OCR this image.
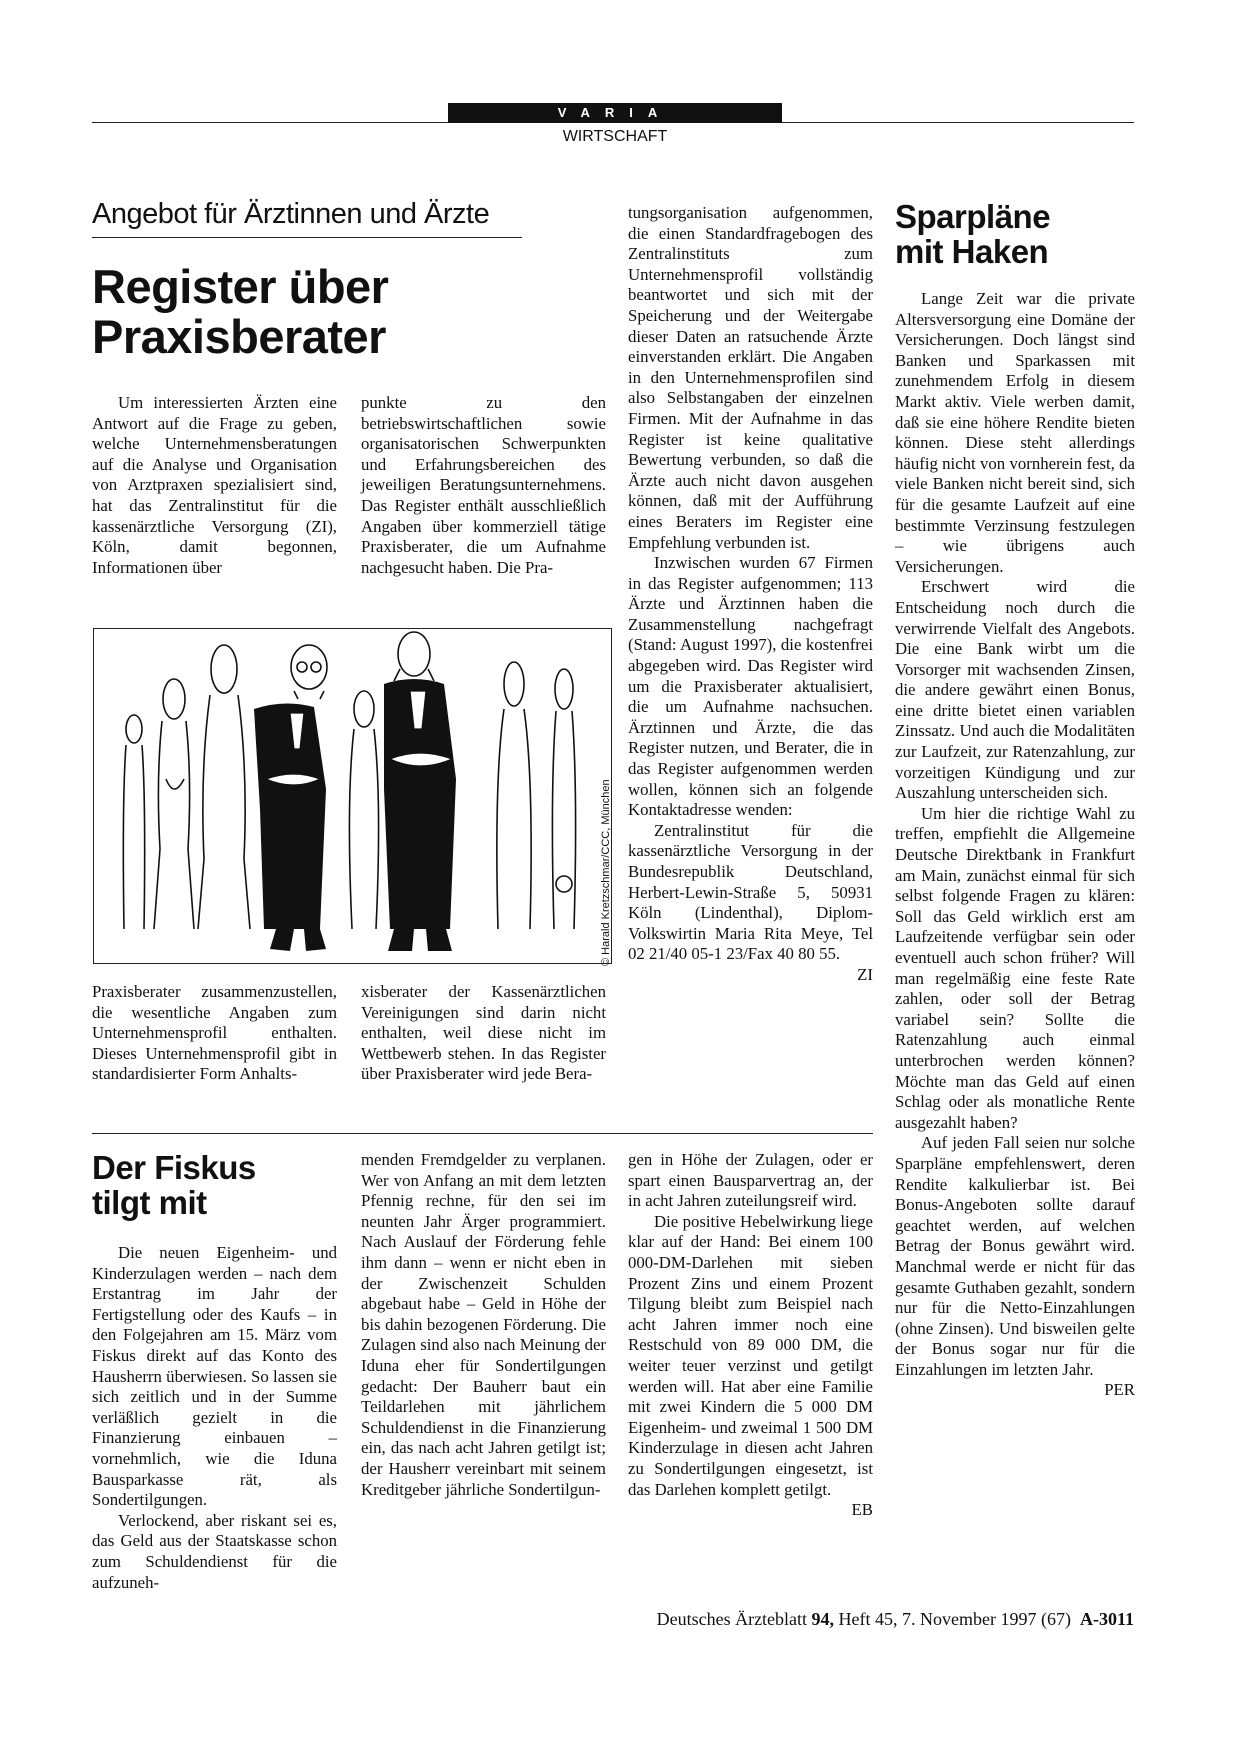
VARIA
WIRTSCHAFT
Angebot für Ärztinnen und Ärzte
Register über
Praxisberater

Um interessierten Ärzten eine Antwort auf die Frage zu geben, welche Unternehmensberatungen auf die Analyse und Organisation von Arztpraxen spezialisiert sind, hat das Zentralinstitut für die kassenärztliche Versorgung (ZI), Köln, damit begonnen, Informationen über

punkte zu den betriebswirtschaftlichen sowie organisatorischen Schwerpunkten und Erfahrungsbereichen des jeweiligen Beratungsunternehmens. Das Register enthält ausschließlich Angaben über kommerziell tätige Praxisberater, die um Aufnahme nachgesucht haben. Die Pra-

© Harald Kretzschmar/CCC, München

Praxisberater zusammenzustellen, die wesentliche Angaben zum Unternehmensprofil enthalten. Dieses Unternehmensprofil gibt in standardisierter Form Anhalts-

xisberater der Kassenärztlichen Vereinigungen sind darin nicht enthalten, weil diese nicht im Wettbewerb stehen. In das Register über Praxisberater wird jede Bera-

tungsorganisation aufgenommen, die einen Standardfragebogen des Zentralinstituts zum Unternehmensprofil vollständig beantwortet und sich mit der Speicherung und der Weitergabe dieser Daten an ratsuchende Ärzte einverstanden erklärt. Die Angaben in den Unternehmensprofilen sind also Selbstangaben der einzelnen Firmen. Mit der Aufnahme in das Register ist keine qualitative Bewertung verbunden, so daß die Ärzte auch nicht davon ausgehen können, daß mit der Aufführung eines Beraters im Register eine Empfehlung verbunden ist.

Inzwischen wurden 67 Firmen in das Register aufgenommen; 113 Ärzte und Ärztinnen haben die Zusammenstellung nachgefragt (Stand: August 1997), die kostenfrei abgegeben wird. Das Register wird um die Praxisberater aktualisiert, die um Aufnahme nachsuchen. Ärztinnen und Ärzte, die das Register nutzen, und Berater, die in das Register aufgenommen werden wollen, können sich an folgende Kontaktadresse wenden:

Zentralinstitut für die kassenärztliche Versorgung in der Bundesrepublik Deutschland, Herbert-Lewin-Straße 5, 50931 Köln (Lindenthal), Diplom-Volkswirtin Maria Rita Meye, Tel 02 21/40 05-1 23/Fax 40 80 55.

ZI
Der Fiskus
tilgt mit

Die neuen Eigenheim- und Kinderzulagen werden – nach dem Erstantrag im Jahr der Fertigstellung oder des Kaufs – in den Folgejahren am 15. März vom Fiskus direkt auf das Konto des Hausherrn überwiesen. So lassen sie sich zeitlich und in der Summe verläßlich gezielt in die Finanzierung einbauen – vornehmlich, wie die Iduna Bausparkasse rät, als Sondertilgungen.

Verlockend, aber riskant sei es, das Geld aus der Staatskasse schon zum Schuldendienst für die aufzuneh-

menden Fremdgelder zu verplanen. Wer von Anfang an mit dem letzten Pfennig rechne, für den sei im neunten Jahr Ärger programmiert. Nach Auslauf der Förderung fehle ihm dann – wenn er nicht eben in der Zwischenzeit Schulden abgebaut habe – Geld in Höhe der bis dahin bezogenen Förderung. Die Zulagen sind also nach Meinung der Iduna eher für Sondertilgungen gedacht: Der Bauherr baut ein Teildarlehen mit jährlichem Schuldendienst in die Finanzierung ein, das nach acht Jahren getilgt ist; der Hausherr vereinbart mit seinem Kreditgeber jährliche Sondertilgun-

gen in Höhe der Zulagen, oder er spart einen Bausparvertrag an, der in acht Jahren zuteilungsreif wird.

Die positive Hebelwirkung liege klar auf der Hand: Bei einem 100 000-DM-Darlehen mit sieben Prozent Zins und einem Prozent Tilgung bleibt zum Beispiel nach acht Jahren immer noch eine Restschuld von 89 000 DM, die weiter teuer verzinst und getilgt werden will. Hat aber eine Familie mit zwei Kindern die 5 000 DM Eigenheim- und zweimal 1 500 DM Kinderzulage in diesen acht Jahren zu Sondertilgungen eingesetzt, ist das Darlehen komplett getilgt.

EB
Sparpläne
mit Haken

Lange Zeit war die private Altersversorgung eine Domäne der Versicherungen. Doch längst sind Banken und Sparkassen mit zunehmendem Erfolg in diesem Markt aktiv. Viele werben damit, daß sie eine höhere Rendite bieten können. Diese steht allerdings häufig nicht von vornherein fest, da viele Banken nicht bereit sind, sich für die gesamte Laufzeit auf eine bestimmte Verzinsung festzulegen – wie übrigens auch Versicherungen.

Erschwert wird die Entscheidung noch durch die verwirrende Vielfalt des Angebots. Die eine Bank wirbt um die Vorsorger mit wachsenden Zinsen, die andere gewährt einen Bonus, eine dritte bietet einen variablen Zinssatz. Und auch die Modalitäten zur Laufzeit, zur Ratenzahlung, zur vorzeitigen Kündigung und zur Auszahlung unterscheiden sich.

Um hier die richtige Wahl zu treffen, empfiehlt die Allgemeine Deutsche Direktbank in Frankfurt am Main, zunächst einmal für sich selbst folgende Fragen zu klären: Soll das Geld wirklich erst am Laufzeitende verfügbar sein oder eventuell auch schon früher? Will man regelmäßig eine feste Rate zahlen, oder soll der Betrag variabel sein? Sollte die Ratenzahlung auch einmal unterbrochen werden können? Möchte man das Geld auf einen Schlag oder als monatliche Rente ausgezahlt haben?

Auf jeden Fall seien nur solche Sparpläne empfehlenswert, deren Rendite kalkulierbar ist. Bei Bonus-Angeboten sollte darauf geachtet werden, auf welchen Betrag der Bonus gewährt wird. Manchmal werde er nicht für das gesamte Guthaben gezahlt, sondern nur für die Netto-Einzahlungen (ohne Zinsen). Und bisweilen gelte der Bonus sogar nur für die Einzahlungen im letzten Jahr.

PER
Deutsches Ärzteblatt 94, Heft 45, 7. November 1997 (67) A-3011
